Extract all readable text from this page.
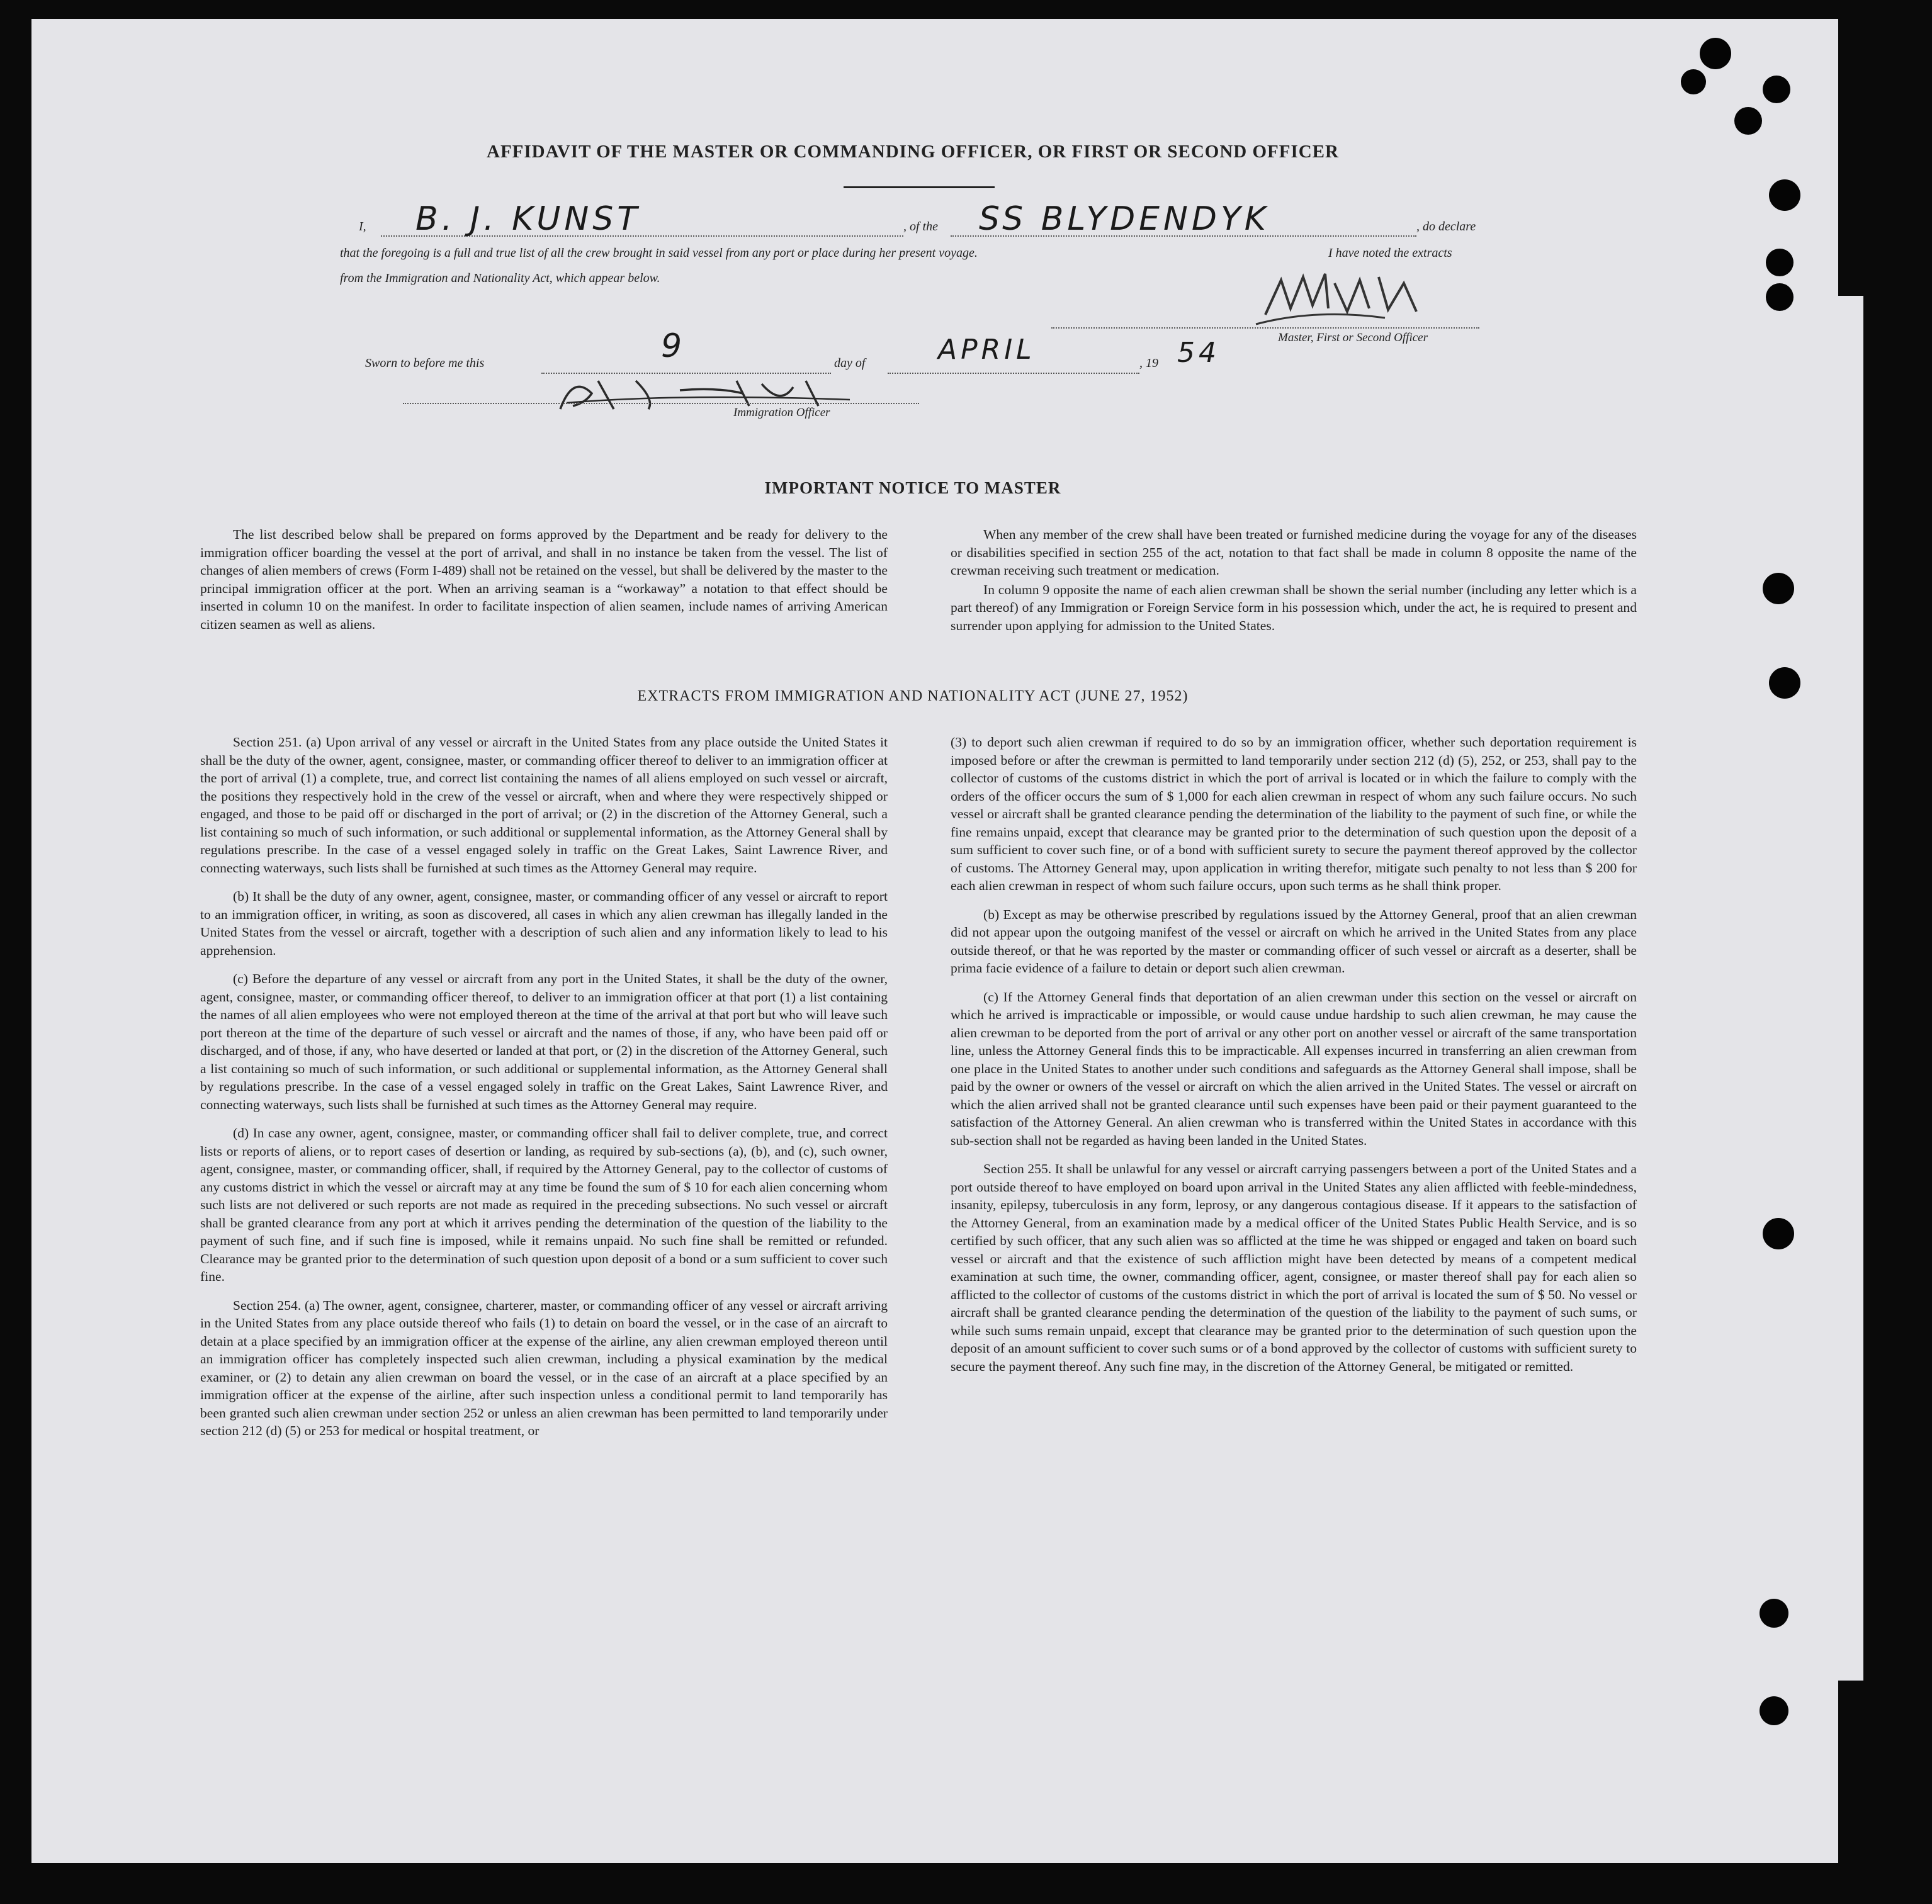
AFFIDAVIT OF THE MASTER OR COMMANDING OFFICER, OR FIRST OR SECOND OFFICER
I, B. J. KUNST	, of the SS BLYDENDYK	, do declare
that the foregoing is a full and true list of all the crew brought in said vessel from any port or place during her present voyage.	I have noted the extracts
from the Immigration and Nationality Act, which appear below.
Master, First or Second Officer
Sworn to before me this	9	day of	APRIL	, 19 54
Immigration Officer
IMPORTANT NOTICE TO MASTER

The list described below shall be prepared on forms approved by the Department and be ready for delivery to the immigration officer boarding the vessel at the port of arrival, and shall in no instance be taken from the vessel. The list of changes of alien members of crews (Form I-489) shall not be retained on the vessel, but shall be delivered by the master to the principal immigration officer at the port. When an arriving seaman is a “workaway” a notation to that effect should be inserted in column 10 on the manifest. In order to facilitate inspection of alien seamen, include names of arriving American citizen seamen as well as aliens.

When any member of the crew shall have been treated or furnished medicine during the voyage for any of the diseases or disabilities specified in section 255 of the act, notation to that fact shall be made in column 8 opposite the name of the crewman receiving such treatment or medication.

In column 9 opposite the name of each alien crewman shall be shown the serial number (including any letter which is a part thereof) of any Immigration or Foreign Service form in his possession which, under the act, he is required to present and surrender upon applying for admission to the United States.

EXTRACTS FROM IMMIGRATION AND NATIONALITY ACT (JUNE 27, 1952)

Section 251. (a) Upon arrival of any vessel or aircraft in the United States from any place outside the United States it shall be the duty of the owner, agent, consignee, master, or commanding officer thereof to deliver to an immigration officer at the port of arrival (1) a complete, true, and correct list containing the names of all aliens employed on such vessel or aircraft, the positions they respectively hold in the crew of the vessel or aircraft, when and where they were respectively shipped or engaged, and those to be paid off or discharged in the port of arrival; or (2) in the discretion of the Attorney General, such a list containing so much of such information, or such additional or supplemental information, as the Attorney General shall by regulations prescribe. In the case of a vessel engaged solely in traffic on the Great Lakes, Saint Lawrence River, and connecting waterways, such lists shall be furnished at such times as the Attorney General may require.

(b) It shall be the duty of any owner, agent, consignee, master, or commanding officer of any vessel or aircraft to report to an immigration officer, in writing, as soon as discovered, all cases in which any alien crewman has illegally landed in the United States from the vessel or aircraft, together with a description of such alien and any information likely to lead to his apprehension.

(c) Before the departure of any vessel or aircraft from any port in the United States, it shall be the duty of the owner, agent, consignee, master, or commanding officer thereof, to deliver to an immigration officer at that port (1) a list containing the names of all alien employees who were not employed thereon at the time of the arrival at that port but who will leave such port thereon at the time of the departure of such vessel or aircraft and the names of those, if any, who have been paid off or discharged, and of those, if any, who have deserted or landed at that port, or (2) in the discretion of the Attorney General, such a list containing so much of such information, or such additional or supplemental information, as the Attorney General shall by regulations prescribe. In the case of a vessel engaged solely in traffic on the Great Lakes, Saint Lawrence River, and connecting waterways, such lists shall be furnished at such times as the Attorney General may require.

(d) In case any owner, agent, consignee, master, or commanding officer shall fail to deliver complete, true, and correct lists or reports of aliens, or to report cases of desertion or landing, as required by sub-sections (a), (b), and (c), such owner, agent, consignee, master, or commanding officer, shall, if required by the Attorney General, pay to the collector of customs of any customs district in which the vessel or aircraft may at any time be found the sum of $ 10 for each alien concerning whom such lists are not delivered or such reports are not made as required in the preceding subsections. No such vessel or aircraft shall be granted clearance from any port at which it arrives pending the determination of the question of the liability to the payment of such fine, and if such fine is imposed, while it remains unpaid. No such fine shall be remitted or refunded. Clearance may be granted prior to the determination of such question upon deposit of a bond or a sum sufficient to cover such fine.

Section 254. (a) The owner, agent, consignee, charterer, master, or commanding officer of any vessel or aircraft arriving in the United States from any place outside thereof who fails (1) to detain on board the vessel, or in the case of an aircraft to detain at a place specified by an immigration officer at the expense of the airline, any alien crewman employed thereon until an immigration officer has completely inspected such alien crewman, including a physical examination by the medical examiner, or (2) to detain any alien crewman on board the vessel, or in the case of an aircraft at a place specified by an immigration officer at the expense of the airline, after such inspection unless a conditional permit to land temporarily has been granted such alien crewman under section 252 or unless an alien crewman has been permitted to land temporarily under section 212 (d) (5) or 253 for medical or hospital treatment, or

(3) to deport such alien crewman if required to do so by an immigration officer, whether such deportation requirement is imposed before or after the crewman is permitted to land temporarily under section 212 (d) (5), 252, or 253, shall pay to the collector of customs of the customs district in which the port of arrival is located or in which the failure to comply with the orders of the officer occurs the sum of $ 1,000 for each alien crewman in respect of whom any such failure occurs. No such vessel or aircraft shall be granted clearance pending the determination of the liability to the payment of such fine, or while the fine remains unpaid, except that clearance may be granted prior to the determination of such question upon the deposit of a sum sufficient to cover such fine, or of a bond with sufficient surety to secure the payment thereof approved by the collector of customs. The Attorney General may, upon application in writing therefor, mitigate such penalty to not less than $ 200 for each alien crewman in respect of whom such failure occurs, upon such terms as he shall think proper.

(b) Except as may be otherwise prescribed by regulations issued by the Attorney General, proof that an alien crewman did not appear upon the outgoing manifest of the vessel or aircraft on which he arrived in the United States from any place outside thereof, or that he was reported by the master or commanding officer of such vessel or aircraft as a deserter, shall be prima facie evidence of a failure to detain or deport such alien crewman.

(c) If the Attorney General finds that deportation of an alien crewman under this section on the vessel or aircraft on which he arrived is impracticable or impossible, or would cause undue hardship to such alien crewman, he may cause the alien crewman to be deported from the port of arrival or any other port on another vessel or aircraft of the same transportation line, unless the Attorney General finds this to be impracticable. All expenses incurred in transferring an alien crewman from one place in the United States to another under such conditions and safeguards as the Attorney General shall impose, shall be paid by the owner or owners of the vessel or aircraft on which the alien arrived in the United States. The vessel or aircraft on which the alien arrived shall not be granted clearance until such expenses have been paid or their payment guaranteed to the satisfaction of the Attorney General. An alien crewman who is transferred within the United States in accordance with this sub-section shall not be regarded as having been landed in the United States.

Section 255. It shall be unlawful for any vessel or aircraft carrying passengers between a port of the United States and a port outside thereof to have employed on board upon arrival in the United States any alien afflicted with feeble-mindedness, insanity, epilepsy, tuberculosis in any form, leprosy, or any dangerous contagious disease. If it appears to the satisfaction of the Attorney General, from an examination made by a medical officer of the United States Public Health Service, and is so certified by such officer, that any such alien was so afflicted at the time he was shipped or engaged and taken on board such vessel or aircraft and that the existence of such affliction might have been detected by means of a competent medical examination at such time, the owner, commanding officer, agent, consignee, or master thereof shall pay for each alien so afflicted to the collector of customs of the customs district in which the port of arrival is located the sum of $ 50. No vessel or aircraft shall be granted clearance pending the determination of the question of the liability to the payment of such sums, or while such sums remain unpaid, except that clearance may be granted prior to the determination of such question upon the deposit of an amount sufficient to cover such sums or of a bond approved by the collector of customs with sufficient surety to secure the payment thereof. Any such fine may, in the discretion of the Attorney General, be mitigated or remitted.
